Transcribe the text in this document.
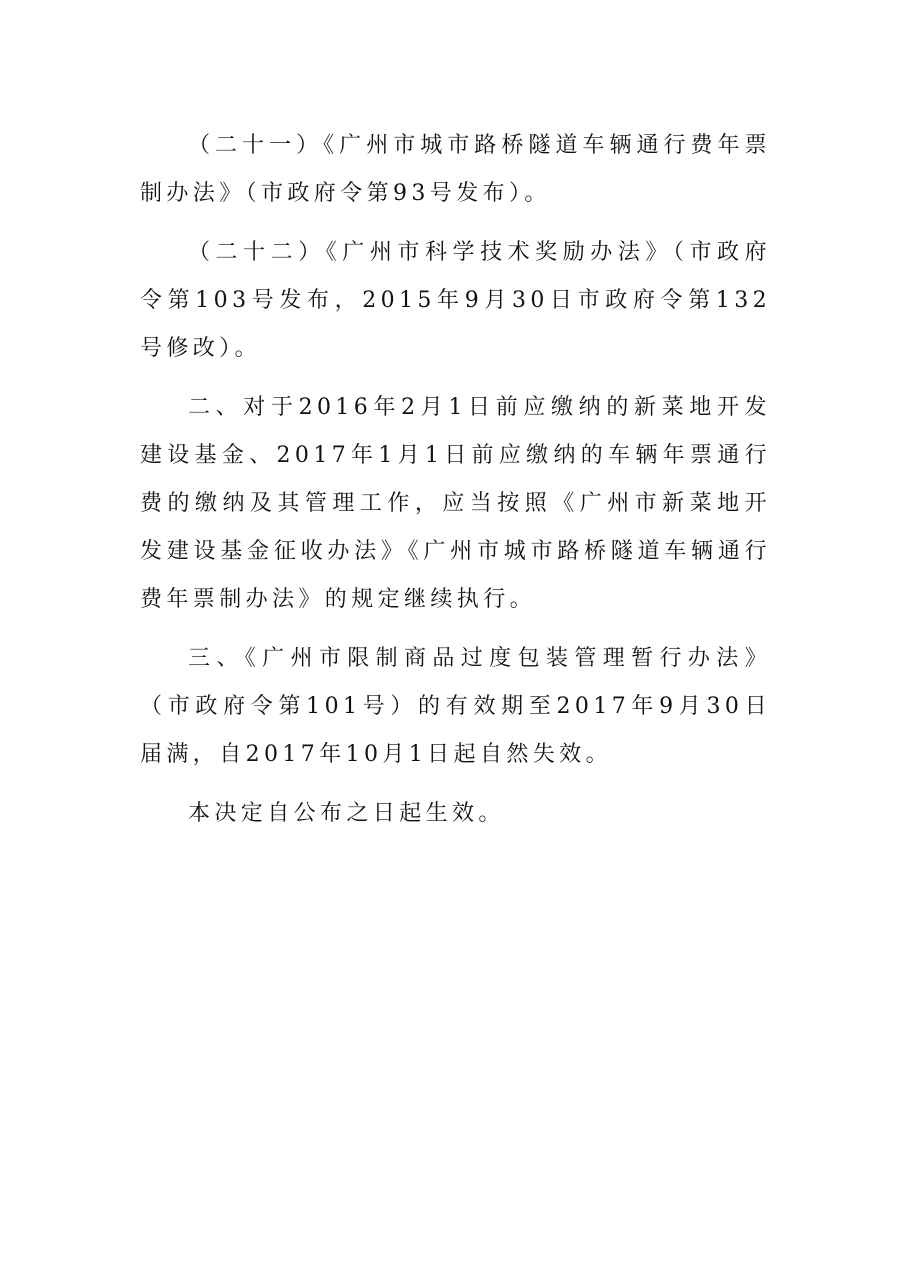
（二十一）《广州市城市路桥隧道车辆通行费年票制办法》（市政府令第93号发布）。

（二十二）《广州市科学技术奖励办法》（市政府令第103号发布，2015年9月30日市政府令第132号修改）。

二、对于2016年2月1日前应缴纳的新菜地开发建设基金、2017年1月1日前应缴纳的车辆年票通行费的缴纳及其管理工作，应当按照《广州市新菜地开发建设基金征收办法》《广州市城市路桥隧道车辆通行费年票制办法》的规定继续执行。

三、《广州市限制商品过度包装管理暂行办法》（市政府令第101号）的有效期至2017年9月30日届满，自2017年10月1日起自然失效。

本决定自公布之日起生效。
